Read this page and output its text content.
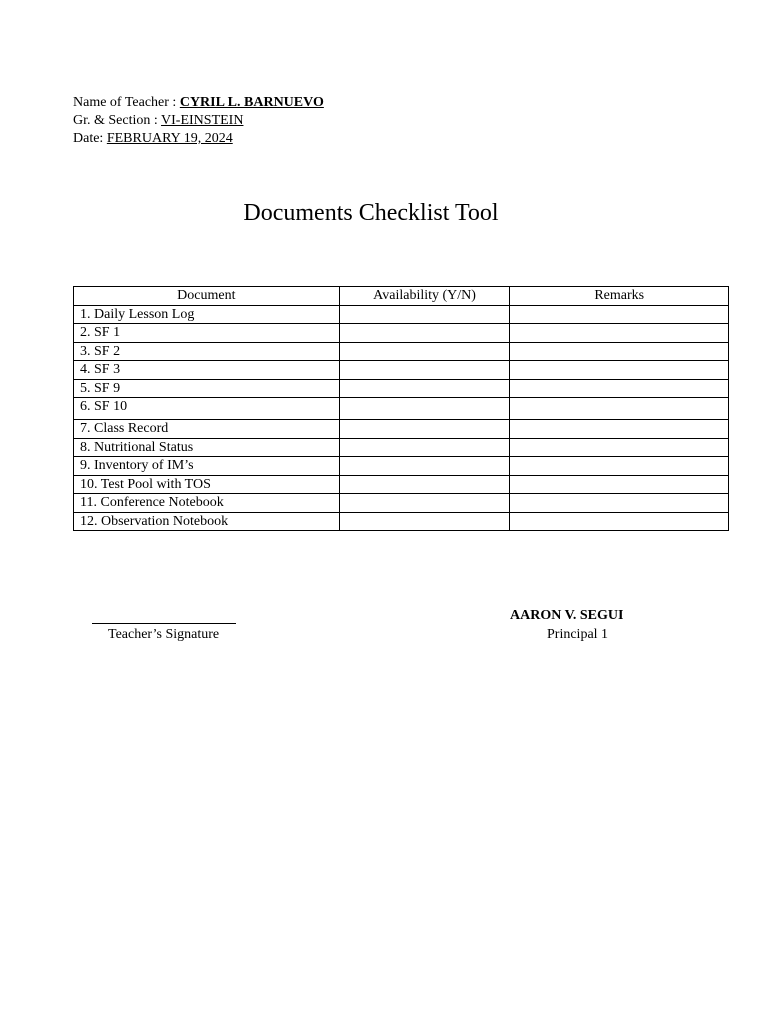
Name of Teacher : CYRIL L. BARNUEVO
Gr. & Section : VI-EINSTEIN
Date: FEBRUARY 19, 2024
Documents Checklist Tool
Document	Availability (Y/N)	Remarks
1. Daily Lesson Log		
2. SF 1		
3. SF 2		
4. SF 3		
5. SF 9		
6. SF 10		
7. Class Record		
8. Nutritional Status		
9. Inventory of IM’s		
10. Test Pool with TOS		
11. Conference Notebook		
12. Observation Notebook		
Teacher’s Signature
AARON V. SEGUI
Principal 1
